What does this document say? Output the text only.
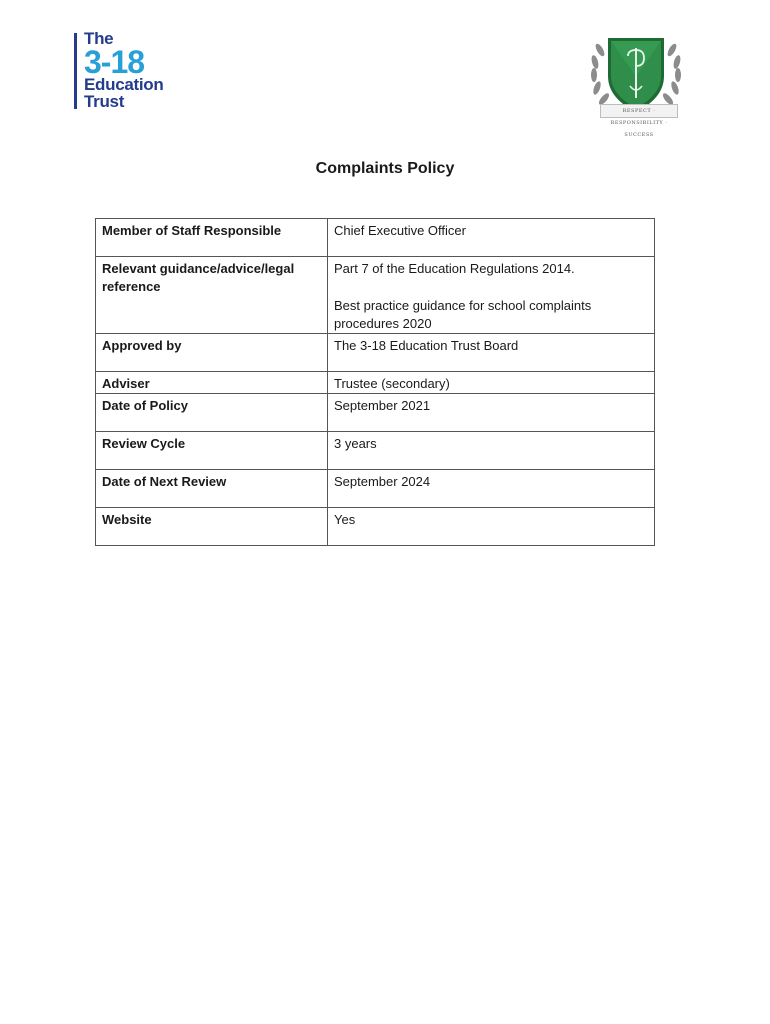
The
3-18
Education
Trust	RESPECT · RESPONSIBILITY · SUCCESS
Complaints Policy
Member of Staff Responsible	Chief Executive Officer
Relevant guidance/advice/legal reference	Part 7 of the Education Regulations 2014.
Best practice guidance for school complaints procedures 2020

Approved by	The 3-18 Education Trust Board
Adviser	Trustee (secondary)
Date of Policy	September 2021
Review Cycle	3 years
Date of Next Review	September 2024
Website	Yes
